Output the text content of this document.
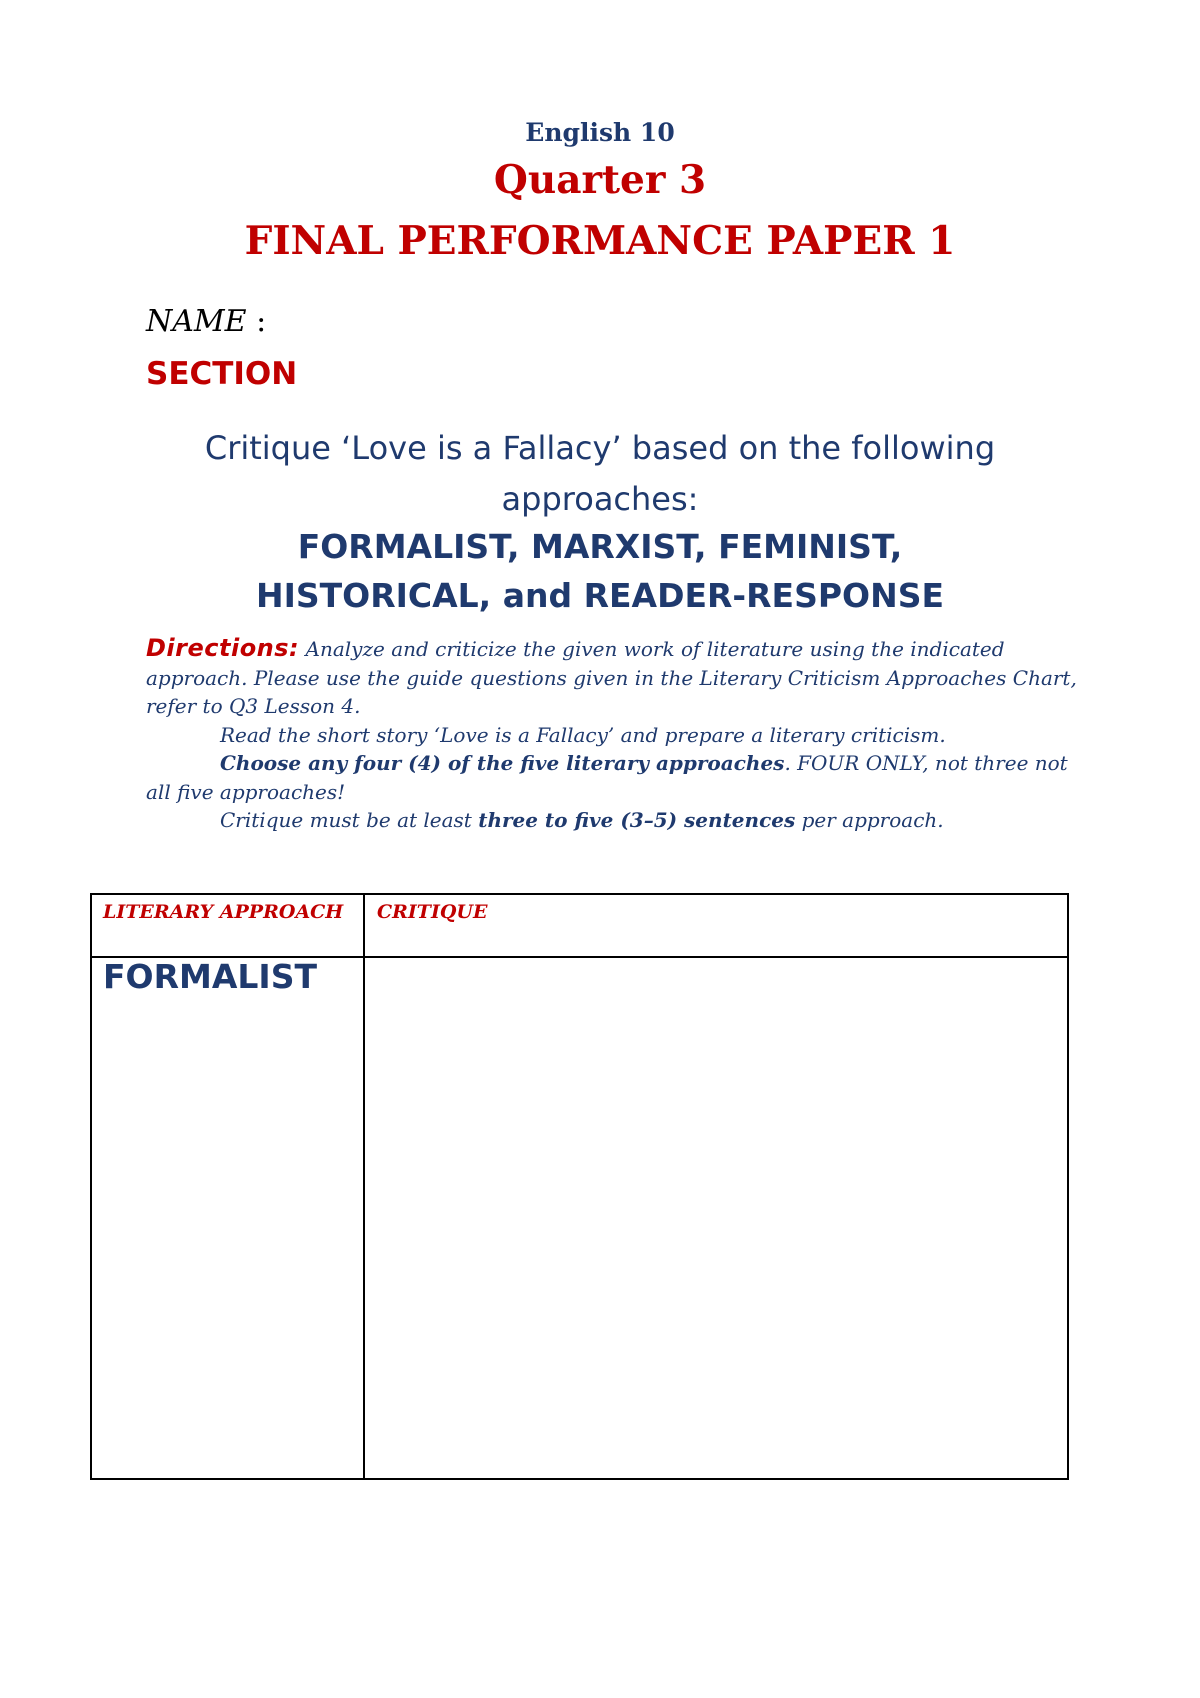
English 10
Quarter 3
FINAL PERFORMANCE PAPER 1
NAME :
SECTION
Critique ‘Love is a Fallacy’ based on the following
approaches:
FORMALIST, MARXIST, FEMINIST,
HISTORICAL, and READER-RESPONSE
Directions: Analyze and criticize the given work of literature using the indicated approach. Please use the guide questions given in the Literary Criticism Approaches Chart, refer to Q3 Lesson 4.
Read the short story ‘Love is a Fallacy’ and prepare a literary criticism.
Choose any four (4) of the five literary approaches. FOUR ONLY, not three not all five approaches!
Critique must be at least three to five (3–5) sentences per approach.
LITERARY APPROACH CRITIQUE
FORMALIST
